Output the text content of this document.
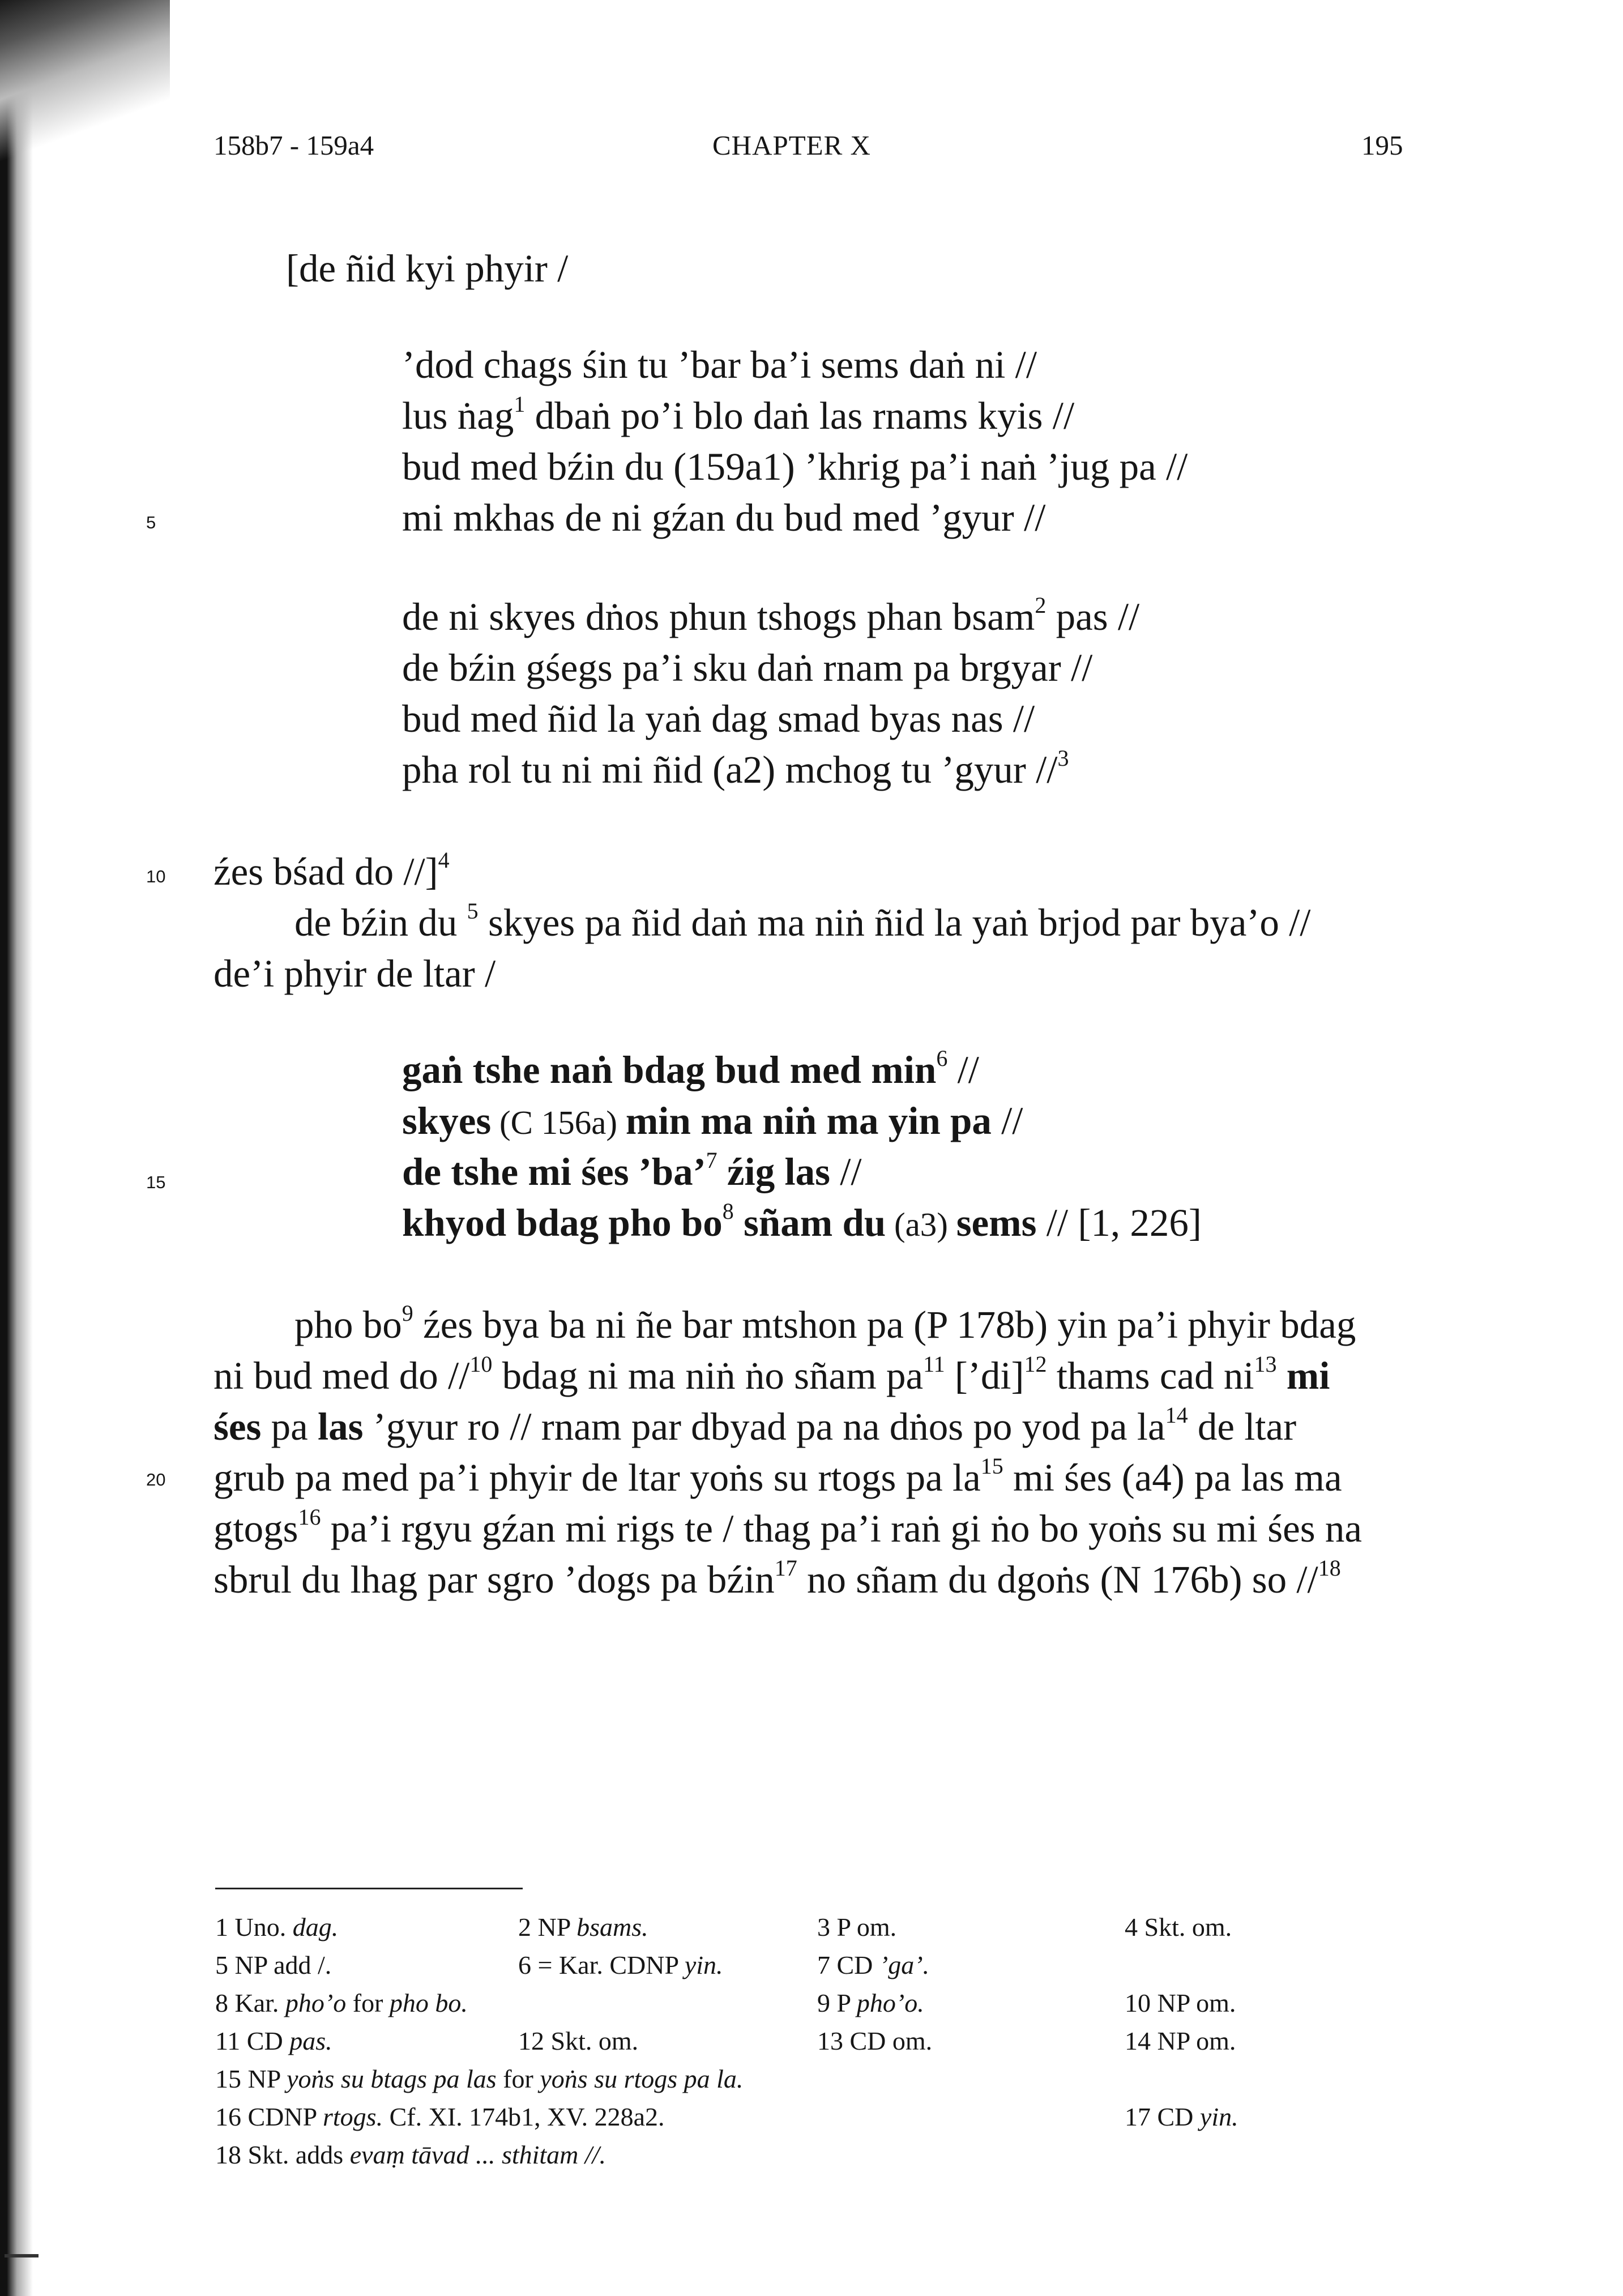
158b7 - 159a4	CHAPTER X	195
5
10
15
20
[de ñid kyi phyir /
’dod chags śin tu ’bar ba’i sems daṅ ni //
lus ṅag$^1$ dbaṅ po’i blo daṅ las rnams kyis //
bud med bźin du (159a1) ’khrig pa’i naṅ ’jug pa //
mi mkhas de ni gźan du bud med ’gyur //
de ni skyes dṅos phun tshogs phan bsam$^2$ pas //
de bźin gśegs pa’i sku daṅ rnam pa brgyar //
bud med ñid la yaṅ dag smad byas nas //
pha rol tu ni mi ñid (a2) mchog tu ’gyur //$^3$
źes bśad do //]$^4$
de bźin du $^5$ skyes pa ñid daṅ ma niṅ ñid la yaṅ brjod par bya’o //
de’i phyir de ltar /
gaṅ tshe naṅ bdag bud med $\min^6$ //
skyes (C 156a) min ma niṅ ma yin pa //
de tshe mi śes ’ba’$^7$ źig las //
khyod bdag pho $bo^8$ sñam du (a3) sems // [1, 226]
pho $bo^9$ źes bya ba ni ñe bar mtshon pa (P 178b) yin pa’i phyir bdag
ni bud med do //$^{10}$ bdag ni ma niṅ ṅo sñam $pa^{11}$ [’di]$^{12}$ thams cad $ni^{13}$ mi
śes pa las ’gyur ro // rnam par dbyad pa na dṅos po yod pa $la^{14}$ de ltar
grub pa med pa’i phyir de ltar yoṅs su rtogs pa $la^{15}$ mi śes (a4) pa las ma
gtogs$^{16}$ pa’i rgyu gźan mi rigs te / thag pa’i raṅ gi ṅo bo yoṅs su mi śes na
sbrul du lhag par sgro ’dogs pa bźin$^{17}$ no sñam du dgoṅs (N 176b) so //$^{18}$
1 Uno. dag.	2 NP bsams.	3 P om.	4 Skt. om.
5 NP add /.	6 = Kar. CDNP yin.	7 CD ’ga’.
8 Kar. pho’o for pho bo.	9 P pho’o.	10 NP om.
11 CD pas.	12 Skt. om.	13 CD om.	14 NP om.
15 NP yoṅs su btags pa las for yoṅs su rtogs pa la.
16 CDNP rtogs. Cf. XI. 174b1, XV. 228a2.	17 CD yin.
18 Skt. adds evaṃ tāvad ... sthitam //.
